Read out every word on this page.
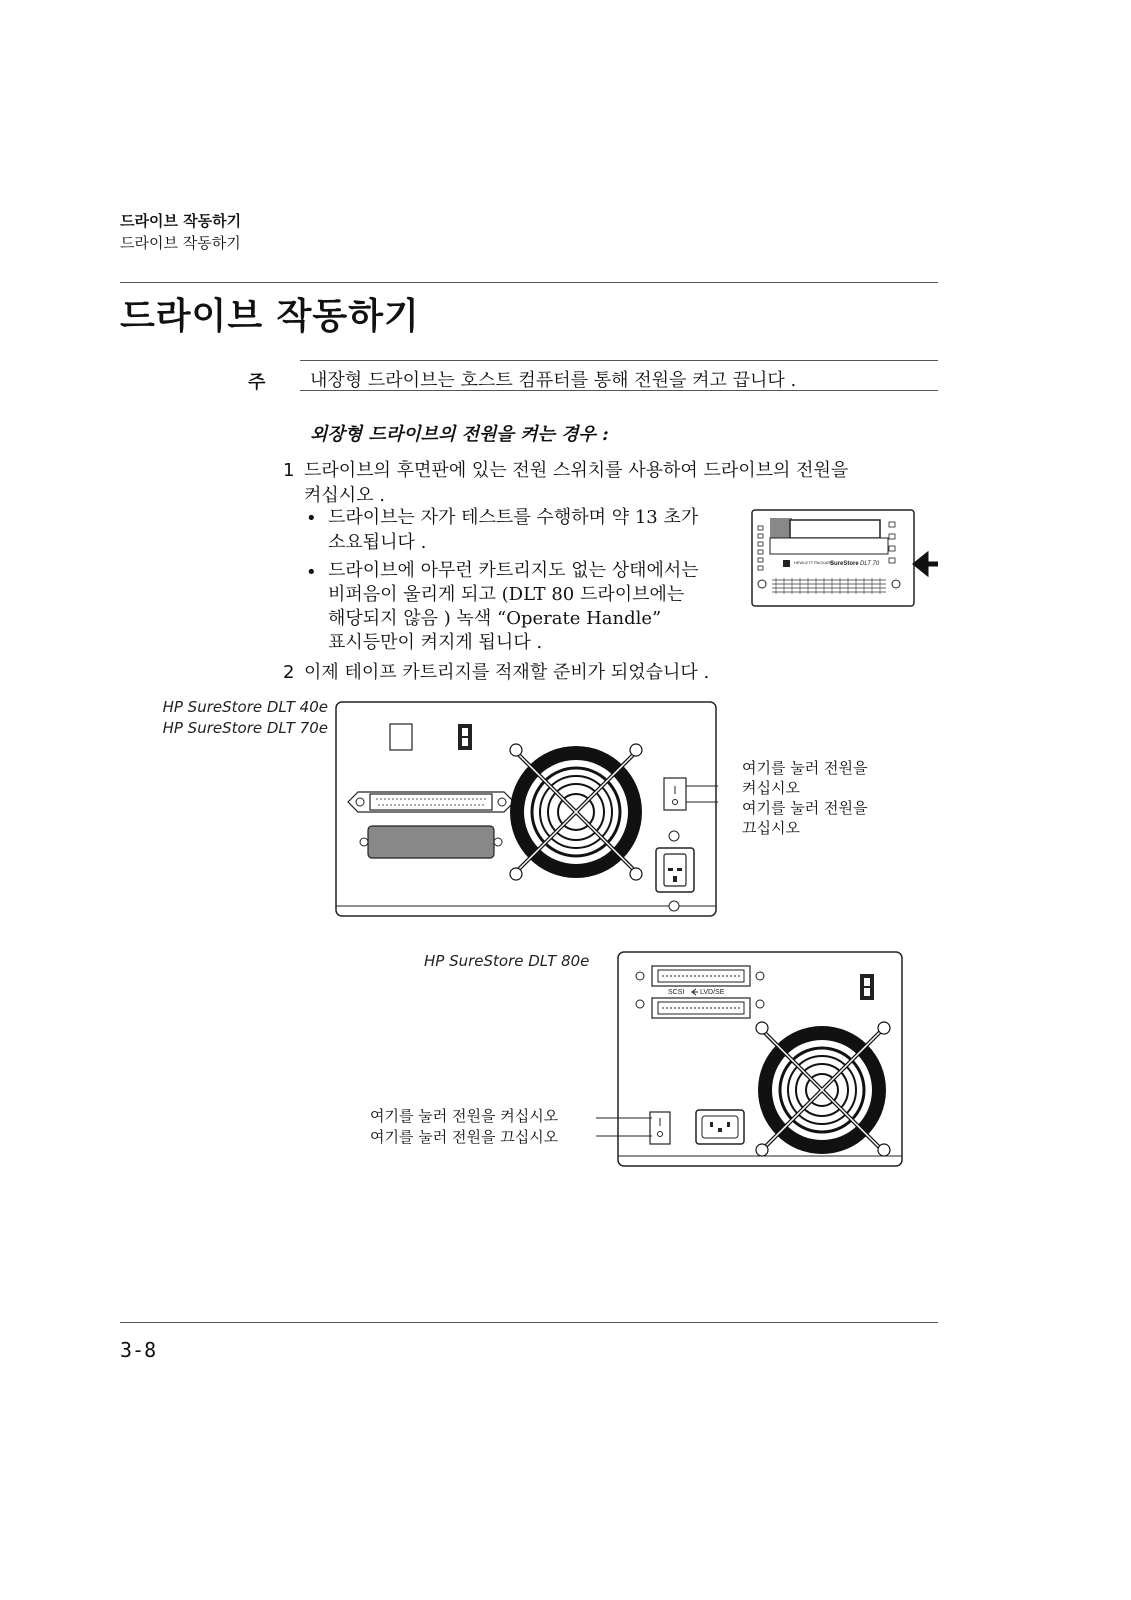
드라이브 작동하기
드라이브 작동하기
드라이브 작동하기
주 내장형 드라이브는 호스트 컴퓨터를 통해 전원을 켜고 끕니다 .
외장형 드라이브의 전원을 켜는 경우 :
1 드라이브의 후면판에 있는 전원 스위치를 사용하여 드라이브의 전원을
켜십시오 .
• 드라이브는 자가 테스트를 수행하며 약 13 초가
소요됩니다 .
• 드라이브에 아무런 카트리지도 없는 상태에서는
비퍼음이 울리게 되고 (DLT 80 드라이브에는
해당되지 않음 ) 녹색 “Operate Handle”
표시등만이 켜지게 됩니다 .
2 이제 테이프 카트리지를 적재할 준비가 되었습니다 .
HEWLETT PACKARD
SureStore DLT 70
HP SureStore DLT 40e
HP SureStore DLT 70e
여기를 눌러 전원을
켜십시오
여기를 눌러 전원을
끄십시오
HP SureStore DLT 80e
SCSI LVD/SE
여기를 눌러 전원을 켜십시오
여기를 눌러 전원을 끄십시오
3-8
